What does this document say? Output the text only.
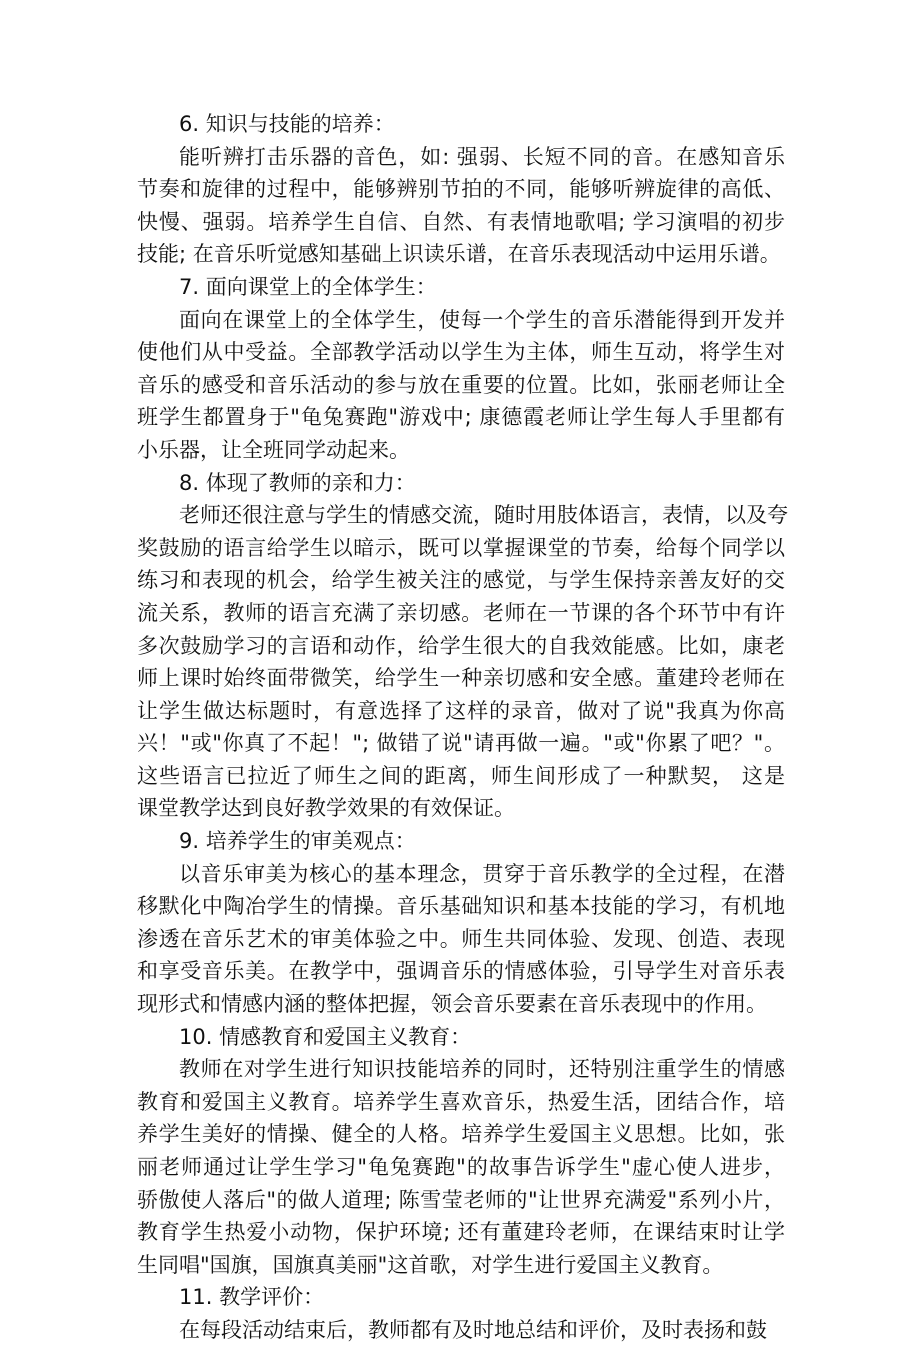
6. 知识与技能的培养：
能听辨打击乐器的音色，如: 强弱、长短不同的音。在感知音乐
节奏和旋律的过程中，能够辨别节拍的不同，能够听辨旋律的高低、
快慢、强弱。培养学生自信、自然、有表情地歌唱; 学习演唱的初步
技能; 在音乐听觉感知基础上识读乐谱，在音乐表现活动中运用乐谱。
7. 面向课堂上的全体学生：
面向在课堂上的全体学生，使每一个学生的音乐潜能得到开发并
使他们从中受益。全部教学活动以学生为主体，师生互动，将学生对
音乐的感受和音乐活动的参与放在重要的位置。比如，张丽老师让全
班学生都置身于"龟兔赛跑"游戏中; 康德霞老师让学生每人手里都有
小乐器，让全班同学动起来。
8. 体现了教师的亲和力：
老师还很注意与学生的情感交流，随时用肢体语言，表情，以及夸
奖鼓励的语言给学生以暗示，既可以掌握课堂的节奏，给每个同学以
练习和表现的机会，给学生被关注的感觉，与学生保持亲善友好的交
流关系，教师的语言充满了亲切感。老师在一节课的各个环节中有许
多次鼓励学习的言语和动作，给学生很大的自我效能感。比如，康老
师上课时始终面带微笑，给学生一种亲切感和安全感。董建玲老师在
让学生做达标题时，有意选择了这样的录音，做对了说"我真为你高
兴！"或"你真了不起！"; 做错了说"请再做一遍。"或"你累了吧？"。
这些语言已拉近了师生之间的距离，师生间形成了一种默契， 这是
课堂教学达到良好教学效果的有效保证。
9. 培养学生的审美观点：
以音乐审美为核心的基本理念，贯穿于音乐教学的全过程，在潜
移默化中陶冶学生的情操。音乐基础知识和基本技能的学习，有机地
渗透在音乐艺术的审美体验之中。师生共同体验、发现、创造、表现
和享受音乐美。在教学中，强调音乐的情感体验，引导学生对音乐表
现形式和情感内涵的整体把握，领会音乐要素在音乐表现中的作用。
10. 情感教育和爱国主义教育：
教师在对学生进行知识技能培养的同时，还特别注重学生的情感
教育和爱国主义教育。培养学生喜欢音乐，热爱生活，团结合作，培
养学生美好的情操、健全的人格。培养学生爱国主义思想。比如，张
丽老师通过让学生学习"龟兔赛跑"的故事告诉学生"虚心使人进步，
骄傲使人落后"的做人道理; 陈雪莹老师的"让世界充满爱"系列小片，
教育学生热爱小动物，保护环境; 还有董建玲老师，在课结束时让学
生同唱"国旗，国旗真美丽"这首歌，对学生进行爱国主义教育。
11. 教学评价：
在每段活动结束后，教师都有及时地总结和评价，及时表扬和鼓
